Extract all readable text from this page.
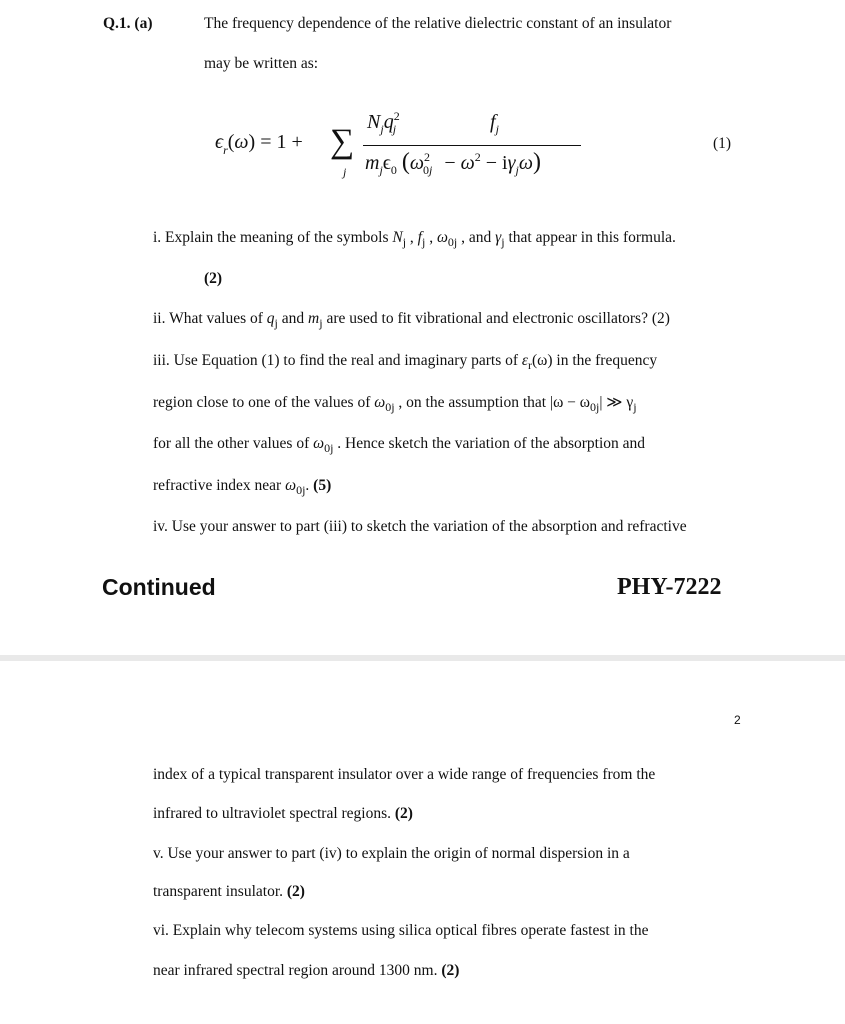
Q.1. (a)	The frequency dependence of the relative dielectric constant of an insulator
may be written as:
$\epsilon_r(\omega) = 1$ + ∑
j
$N_jq^2_j$	$f_j$
$m_j\epsilon_0$ $(\omega^2_{0j} - \omega^2 - i\gamma_j\omega)$
(1)
i. Explain the meaning of the symbols $N_j$ , $f_j$ , $\omega_{0j}$ , and $\gamma_j$ that appear in this formula.
(2)
ii. What values of $q_j$ and $m_j$ are used to fit vibrational and electronic oscillators? (2)
iii. Use Equation (1) to find the real and imaginary parts of $\varepsilon_r(\omega)$ in the frequency
region close to one of the values of $\omega_{0j}$ , on the assumption that $|\omega - \omega_{0j}|$ ≫ $\gamma_j$
for all the other values of $\omega_{0j}$ . Hence sketch the variation of the absorption and
refractive index near $\omega_{0j}$. (5)
iv. Use your answer to part (iii) to sketch the variation of the absorption and refractive
Continued	PHY-7222
2
index of a typical transparent insulator over a wide range of frequencies from the
infrared to ultraviolet spectral regions. (2)
v. Use your answer to part (iv) to explain the origin of normal dispersion in a
transparent insulator. (2)
vi. Explain why telecom systems using silica optical fibres operate fastest in the
near infrared spectral region around 1300 nm. (2)
